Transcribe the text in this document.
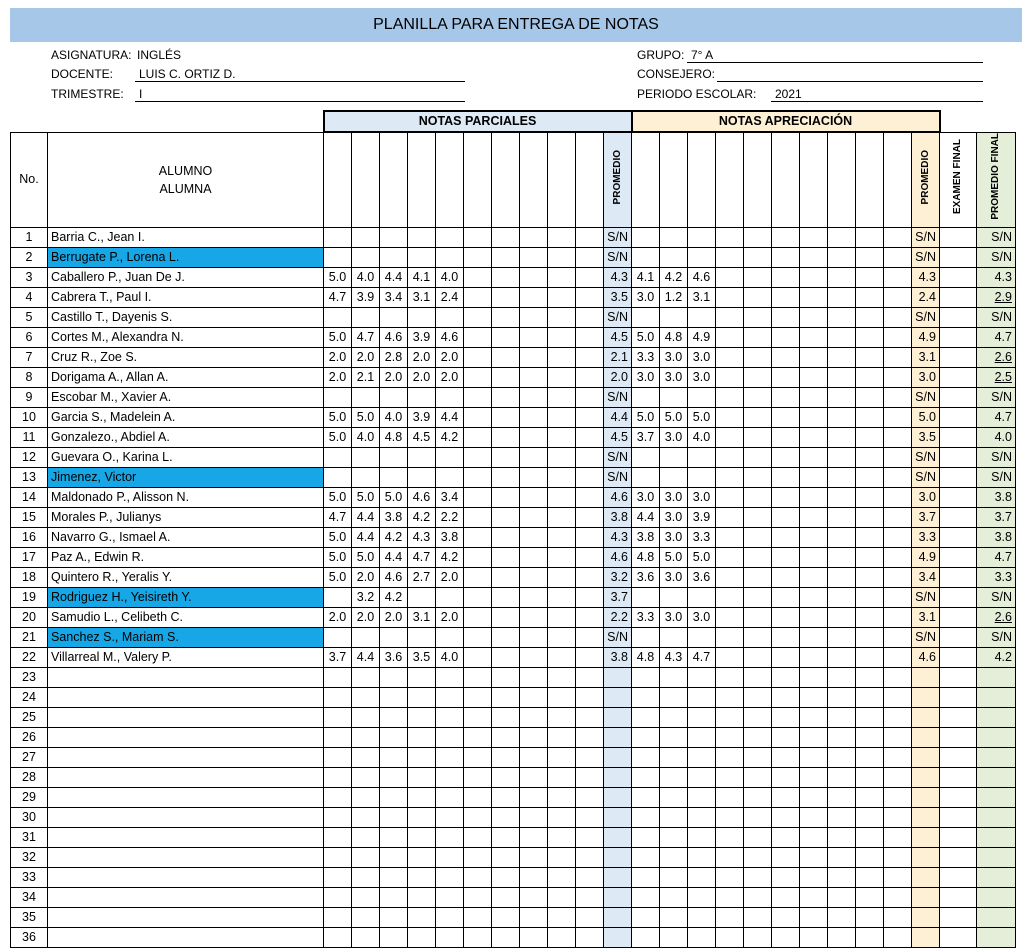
PLANILLA PARA ENTREGA DE NOTAS
ASIGNATURA: INGLÉS
DOCENTE:	LUIS C. ORTIZ D.
TRIMESTRE:	I
GRUPO: 7° A
CONSEJERO:
PERIODO ESCOLAR:	2021
		NOTAS PARCIALES											NOTAS APRECIACIÓN												
No.	ALUMNO
ALUMNA											PROMEDIO											PROMEDIO	EXAMEN FINAL	PROMEDIO FINAL
1	Barria C., Jean I.											S/N											S/N		S/N
2	Berrugate P., Lorena L.											S/N											S/N		S/N
3	Caballero P., Juan De J.	5.0	4.0	4.4	4.1	4.0						4.3	4.1	4.2	4.6								4.3		4.3
4	Cabrera T., Paul I.	4.7	3.9	3.4	3.1	2.4						3.5	3.0	1.2	3.1								2.4		2.9
5	Castillo T., Dayenis S.											S/N											S/N		S/N
6	Cortes M., Alexandra N.	5.0	4.7	4.6	3.9	4.6						4.5	5.0	4.8	4.9								4.9		4.7
7	Cruz R., Zoe S.	2.0	2.0	2.8	2.0	2.0						2.1	3.3	3.0	3.0								3.1		2.6
8	Dorigama A., Allan A.	2.0	2.1	2.0	2.0	2.0						2.0	3.0	3.0	3.0								3.0		2.5
9	Escobar M., Xavier A.											S/N											S/N		S/N
10	Garcia S., Madelein A.	5.0	5.0	4.0	3.9	4.4						4.4	5.0	5.0	5.0								5.0		4.7
11	Gonzalezo., Abdiel A.	5.0	4.0	4.8	4.5	4.2						4.5	3.7	3.0	4.0								3.5		4.0
12	Guevara O., Karina L.											S/N											S/N		S/N
13	Jimenez, Victor											S/N											S/N		S/N
14	Maldonado P., Alisson N.	5.0	5.0	5.0	4.6	3.4						4.6	3.0	3.0	3.0								3.0		3.8
15	Morales P., Julianys	4.7	4.4	3.8	4.2	2.2						3.8	4.4	3.0	3.9								3.7		3.7
16	Navarro G., Ismael A.	5.0	4.4	4.2	4.3	3.8						4.3	3.8	3.0	3.3								3.3		3.8
17	Paz A., Edwin R.	5.0	5.0	4.4	4.7	4.2						4.6	4.8	5.0	5.0								4.9		4.7
18	Quintero R., Yeralis Y.	5.0	2.0	4.6	2.7	2.0						3.2	3.6	3.0	3.6								3.4		3.3
19	Rodriguez H., Yeisireth Y.		3.2	4.2								3.7											S/N		S/N
20	Samudio L., Celibeth C.	2.0	2.0	2.0	3.1	2.0						2.2	3.3	3.0	3.0								3.1		2.6
21	Sanchez S., Mariam S.											S/N											S/N		S/N
22	Villarreal M., Valery P.	3.7	4.4	3.6	3.5	4.0						3.8	4.8	4.3	4.7								4.6		4.2
23																									
24																									
25																									
26																									
27																									
28																									
29																									
30																									
31																									
32																									
33																									
34																									
35																									
36																									
